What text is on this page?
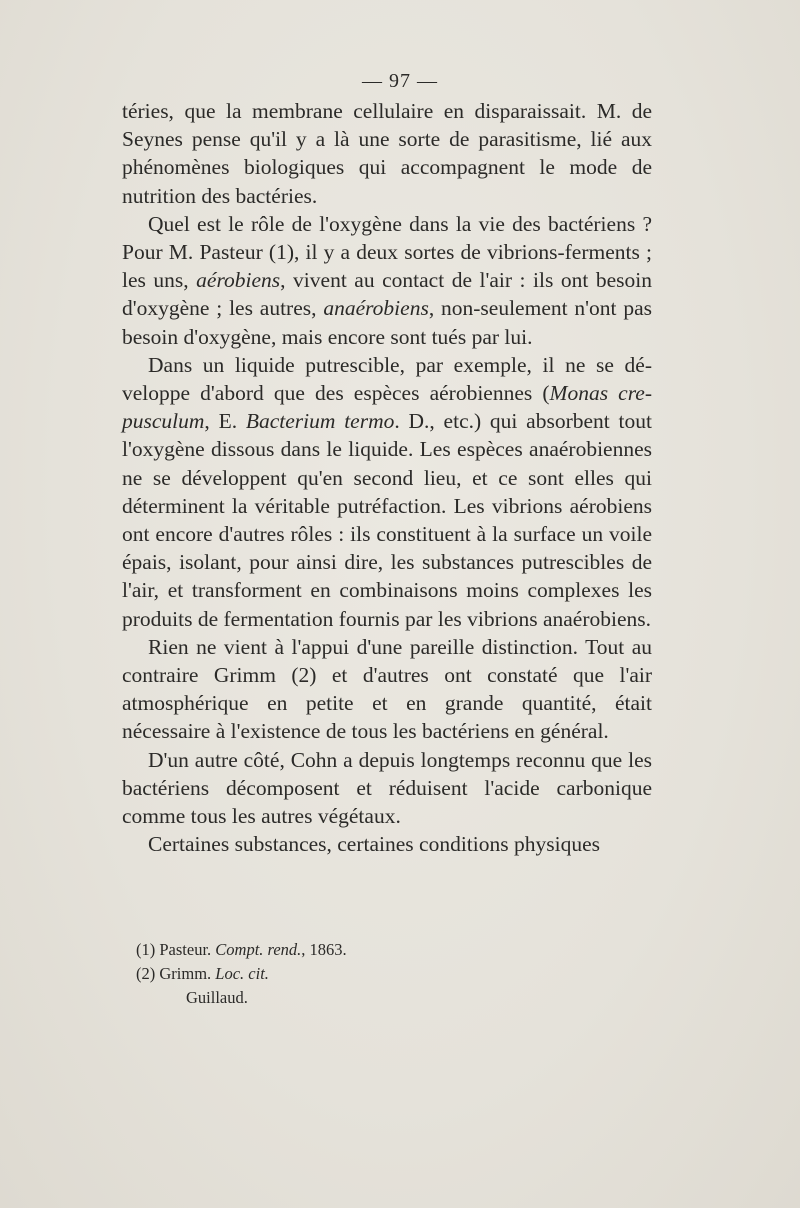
— 97 —

téries, que la membrane cellulaire en disparaissait. M. de Seynes pense qu'il y a là une sorte de parasitisme, lié aux phénomènes biologiques qui accompagnent le mode de nutrition des bactéries.

Quel est le rôle de l'oxygène dans la vie des bactériens ? Pour M. Pasteur (1), il y a deux sortes de vibrions-ferments ; les uns, aérobiens, vivent au contact de l'air : ils ont besoin d'oxygène ; les autres, anaérobiens, non-seulement n'ont pas besoin d'oxygène, mais encore sont tués par lui.

Dans un liquide putrescible, par exemple, il ne se développe d'abord que des espèces aérobiennes (Monas crepusculum, E. Bacterium termo. D., etc.) qui absorbent tout l'oxygène dissous dans le liquide. Les espèces anaérobiennes ne se développent qu'en second lieu, et ce sont elles qui déterminent la véritable putréfaction. Les vibrions aérobiens ont encore d'autres rôles : ils constituent à la surface un voile épais, isolant, pour ainsi dire, les substances putrescibles de l'air, et transforment en combinaisons moins complexes les produits de fermentation fournis par les vibrions anaérobiens.

Rien ne vient à l'appui d'une pareille distinction. Tout au contraire Grimm (2) et d'autres ont constaté que l'air atmosphérique en petite et en grande quantité, était nécessaire à l'existence de tous les bactériens en général.

D'un autre côté, Cohn a depuis longtemps reconnu que les bactériens décomposent et réduisent l'acide carbonique comme tous les autres végétaux.

Certaines substances, certaines conditions physiques

(1) Pasteur. Compt. rend., 1863.

(2) Grimm. Loc. cit.

Guillaud.
